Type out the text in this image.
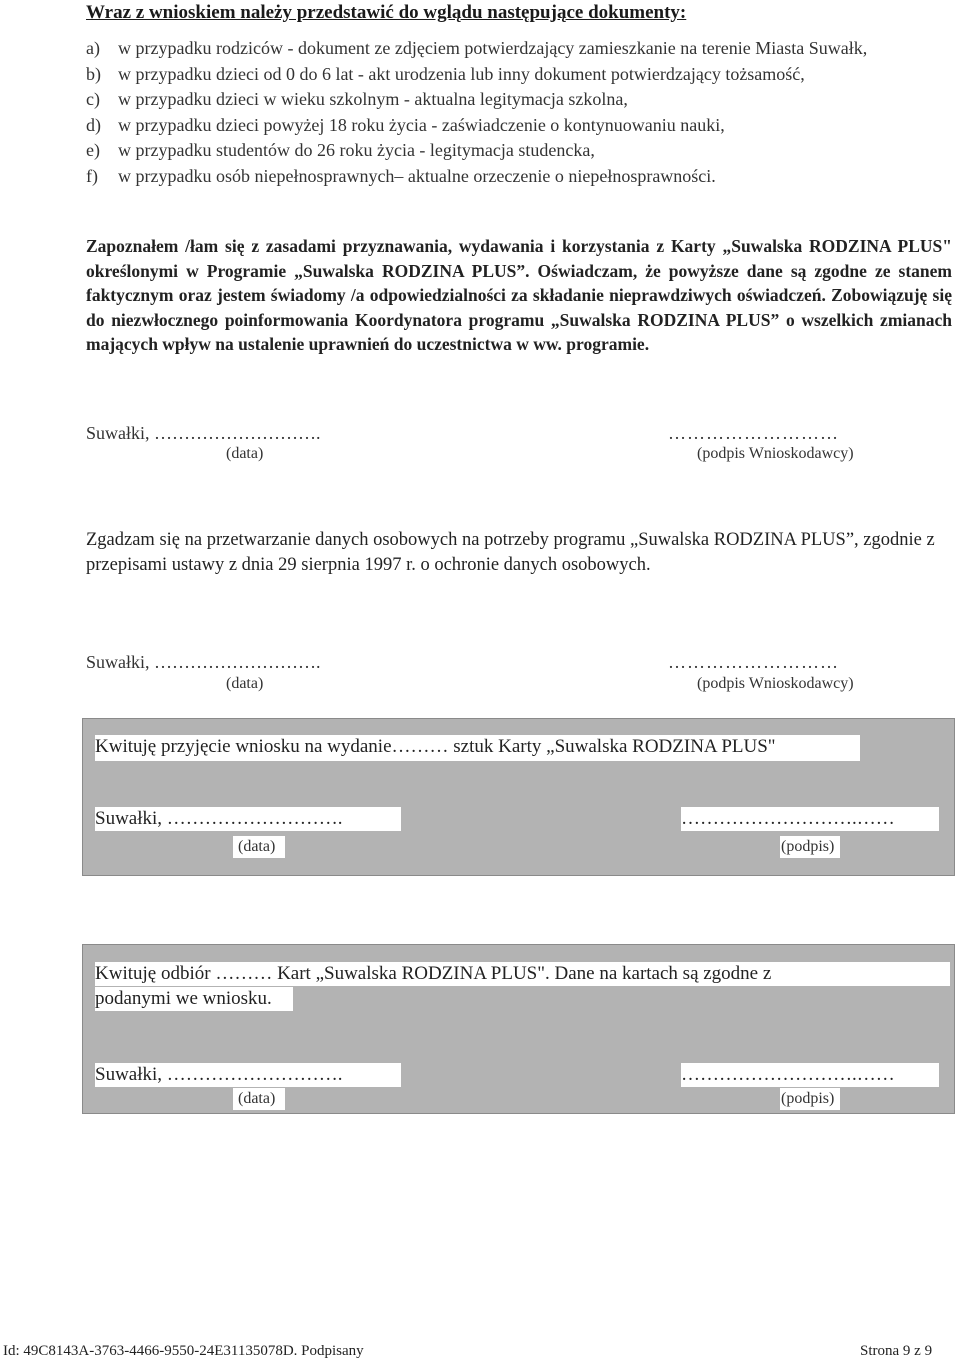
Wraz z wnioskiem należy przedstawić do wglądu następujące dokumenty:
a)	w przypadku rodziców - dokument ze zdjęciem potwierdzający zamieszkanie na terenie Miasta Suwałk,
b) w przypadku dzieci od 0 do 6 lat - akt urodzenia lub inny dokument potwierdzający tożsamość,
c)	w przypadku dzieci w wieku szkolnym - aktualna legitymacja szkolna,
d) w przypadku dzieci powyżej 18 roku życia - zaświadczenie o kontynuowaniu nauki,
e)	w przypadku studentów do 26 roku życia - legitymacja studencka,
f)	w przypadku osób niepełnosprawnych– aktualne orzeczenie o niepełnosprawności.
Zapoznałem /łam się z zasadami przyznawania, wydawania i korzystania z Karty „Suwalska RODZINA PLUS" określonymi w Programie „Suwalska RODZINA PLUS”. Oświadczam, że powyższe dane są zgodne ze stanem faktycznym oraz jestem świadomy /a odpowiedzialności za składanie nieprawdziwych oświadczeń. Zobowiązuję się do niezwłocznego poinformowania Koordynatora programu „Suwalska RODZINA PLUS” o wszelkich zmianach mających wpływ na ustalenie uprawnień do uczestnictwa w ww. programie.
Suwałki, ……………………….
(data)
………………………
(podpis Wnioskodawcy)
Zgadzam się na przetwarzanie danych osobowych na potrzeby programu „Suwalska RODZINA PLUS”, zgodnie z przepisami ustawy z dnia 29 sierpnia 1997 r. o ochronie danych osobowych.
Suwałki, ……………………….
(data)
………………………
(podpis Wnioskodawcy)
Kwituję przyjęcie wniosku na wydanie……… sztuk Karty „Suwalska RODZINA PLUS"
Suwałki, ……………………….	……………………….……
(data)	(podpis)
Kwituję odbiór ……… Kart „Suwalska RODZINA PLUS". Dane na kartach są zgodne z
podanymi we wniosku.
Suwałki, ……………………….	……………………….……
(data)	(podpis)
Id: 49C8143A-3763-4466-9550-24E31135078D. Podpisany	Strona 9 z 9
